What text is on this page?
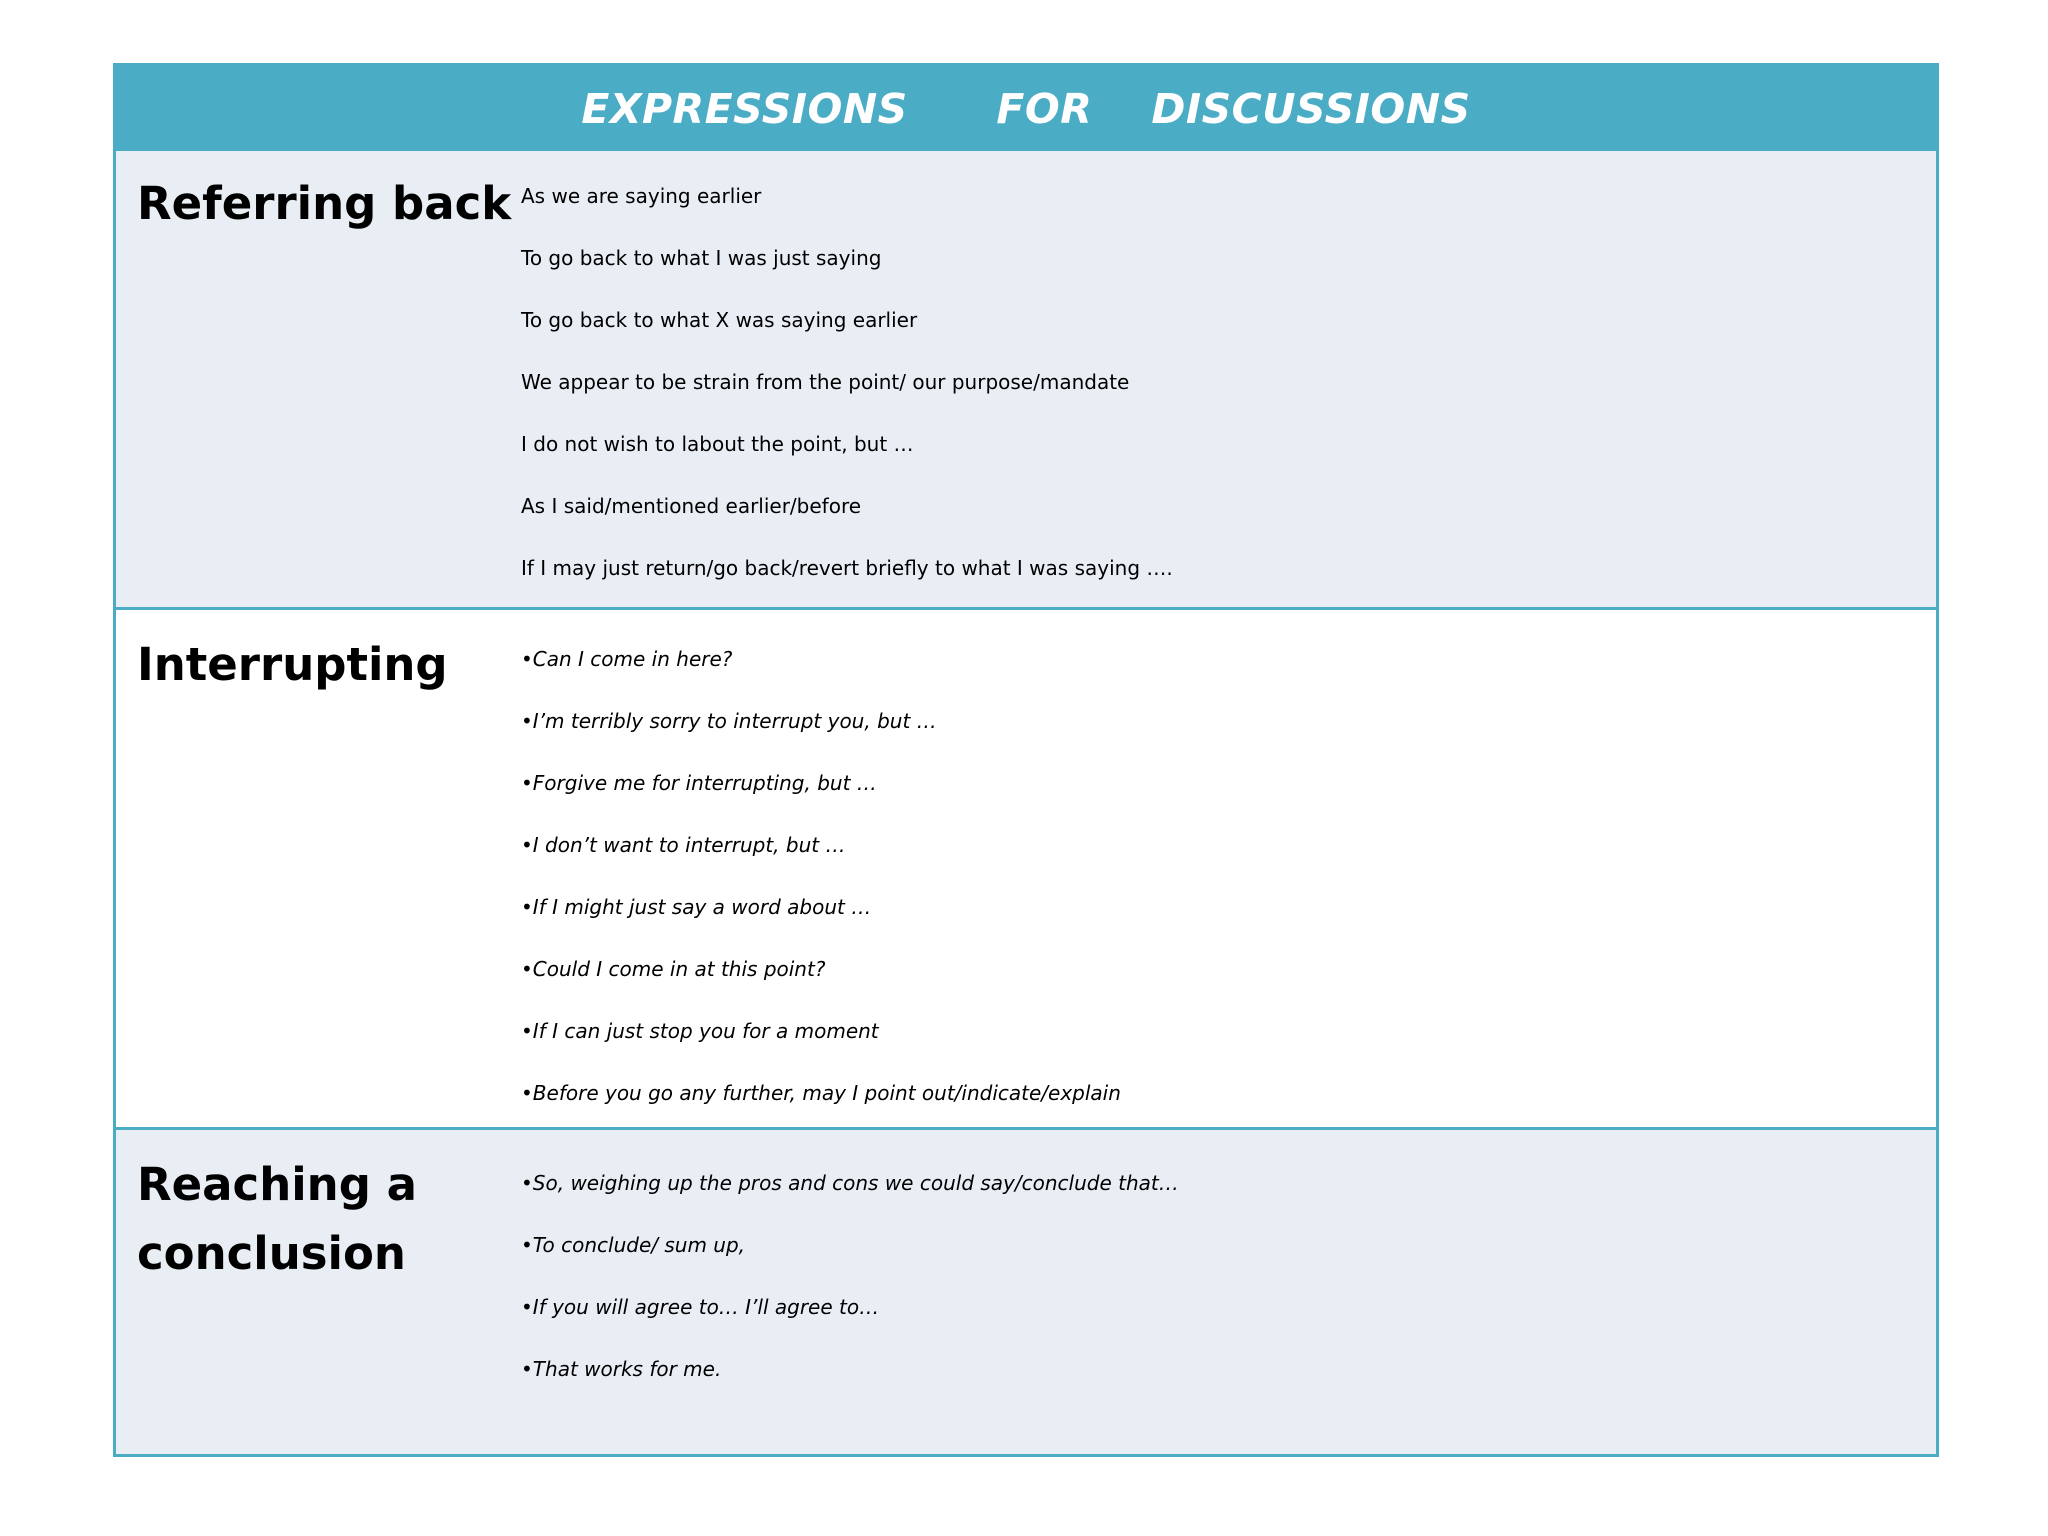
EXPRESSIONS      FOR    DISCUSSIONS
Referring back As we are saying earlier
To go back to what I was just saying
To go back to what X was saying earlier
We appear to be strain from the point/ our purpose/mandate
I do not wish to labout the point, but …
As I said/mentioned earlier/before
If I may just return/go back/revert briefly to what I was saying ….
Interrupting	•Can I come in here?
•I’m terribly sorry to interrupt you, but …
•Forgive me for interrupting, but …
•I don’t want to interrupt, but …
•If I might just say a word about …
•Could I come in at this point?
•If I can just stop you for a moment
•Before you go any further, may I point out/indicate/explain
Reaching a conclusion
•So, weighing up the pros and cons we could say/conclude that…
•To conclude/ sum up,
•If you will agree to… I’ll agree to…
•That works for me.
